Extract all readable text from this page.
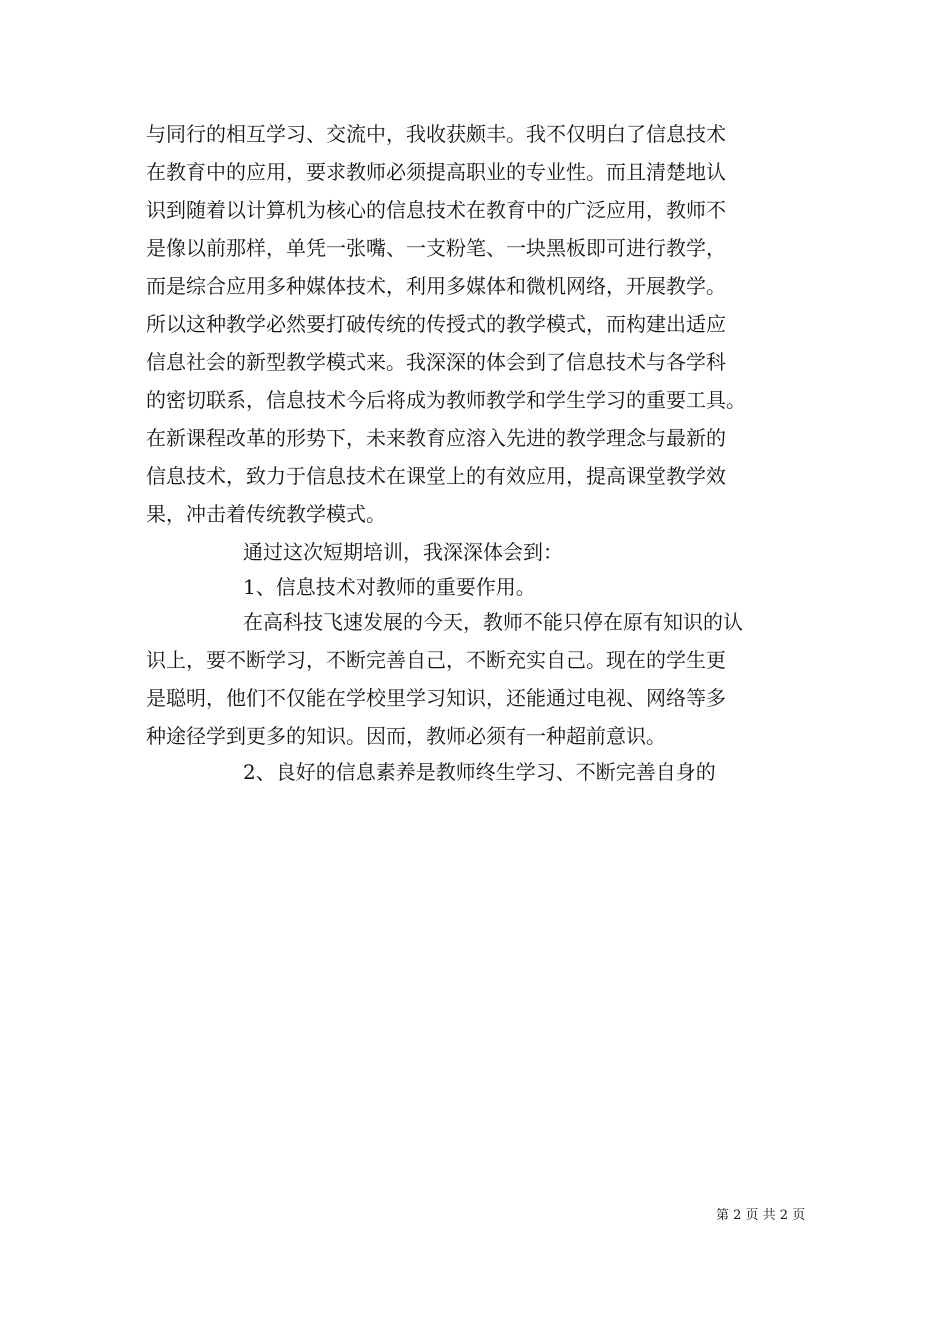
与同行的相互学习、交流中，我收获颇丰。我不仅明白了信息技术
在教育中的应用，要求教师必须提高职业的专业性。而且清楚地认
识到随着以计算机为核心的信息技术在教育中的广泛应用，教师不
是像以前那样，单凭一张嘴、一支粉笔、一块黑板即可进行教学，
而是综合应用多种媒体技术，利用多媒体和微机网络，开展教学。
所以这种教学必然要打破传统的传授式的教学模式，而构建出适应
信息社会的新型教学模式来。我深深的体会到了信息技术与各学科
的密切联系，信息技术今后将成为教师教学和学生学习的重要工具。
在新课程改革的形势下，未来教育应溶入先进的教学理念与最新的
信息技术，致力于信息技术在课堂上的有效应用，提高课堂教学效
果，冲击着传统教学模式。
通过这次短期培训，我深深体会到：
1、信息技术对教师的重要作用。
在高科技飞速发展的今天，教师不能只停在原有知识的认
识上，要不断学习，不断完善自己，不断充实自己。现在的学生更
是聪明，他们不仅能在学校里学习知识，还能通过电视、网络等多
种途径学到更多的知识。因而，教师必须有一种超前意识。
2、良好的信息素养是教师终生学习、不断完善自身的
第 2 页 共 2 页
